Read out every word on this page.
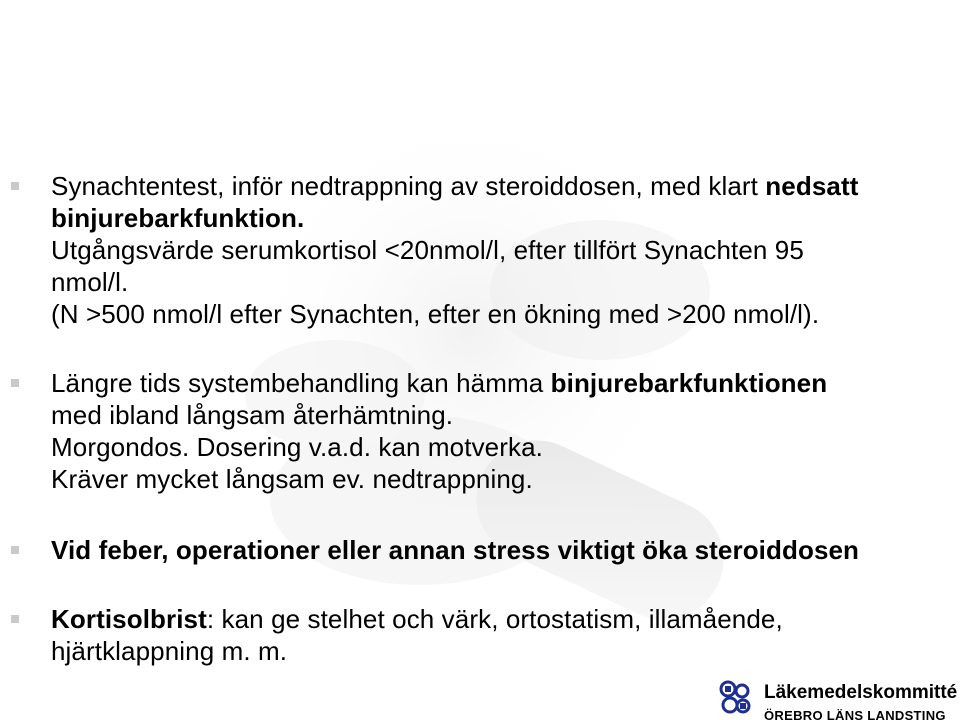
Synachtentest, inför nedtrappning av steroiddosen, med klart nedsatt
binjurebarkfunktion.
Utgångsvärde serumkortisol <20nmol/l, efter tillfört Synachten 95
nmol/l.
(N >500 nmol/l efter Synachten, efter en ökning med >200 nmol/l).
Längre tids systembehandling kan hämma binjurebarkfunktionen
med ibland långsam återhämtning.
Morgondos. Dosering v.a.d. kan motverka.
Kräver mycket långsam ev. nedtrappning.
Vid feber, operationer eller annan stress viktigt öka steroiddosen
Kortisolbrist: kan ge stelhet och värk, ortostatism, illamående,
hjärtklappning m. m.
Läkemedelskommitté
ÖREBRO LÄNS LANDSTING
